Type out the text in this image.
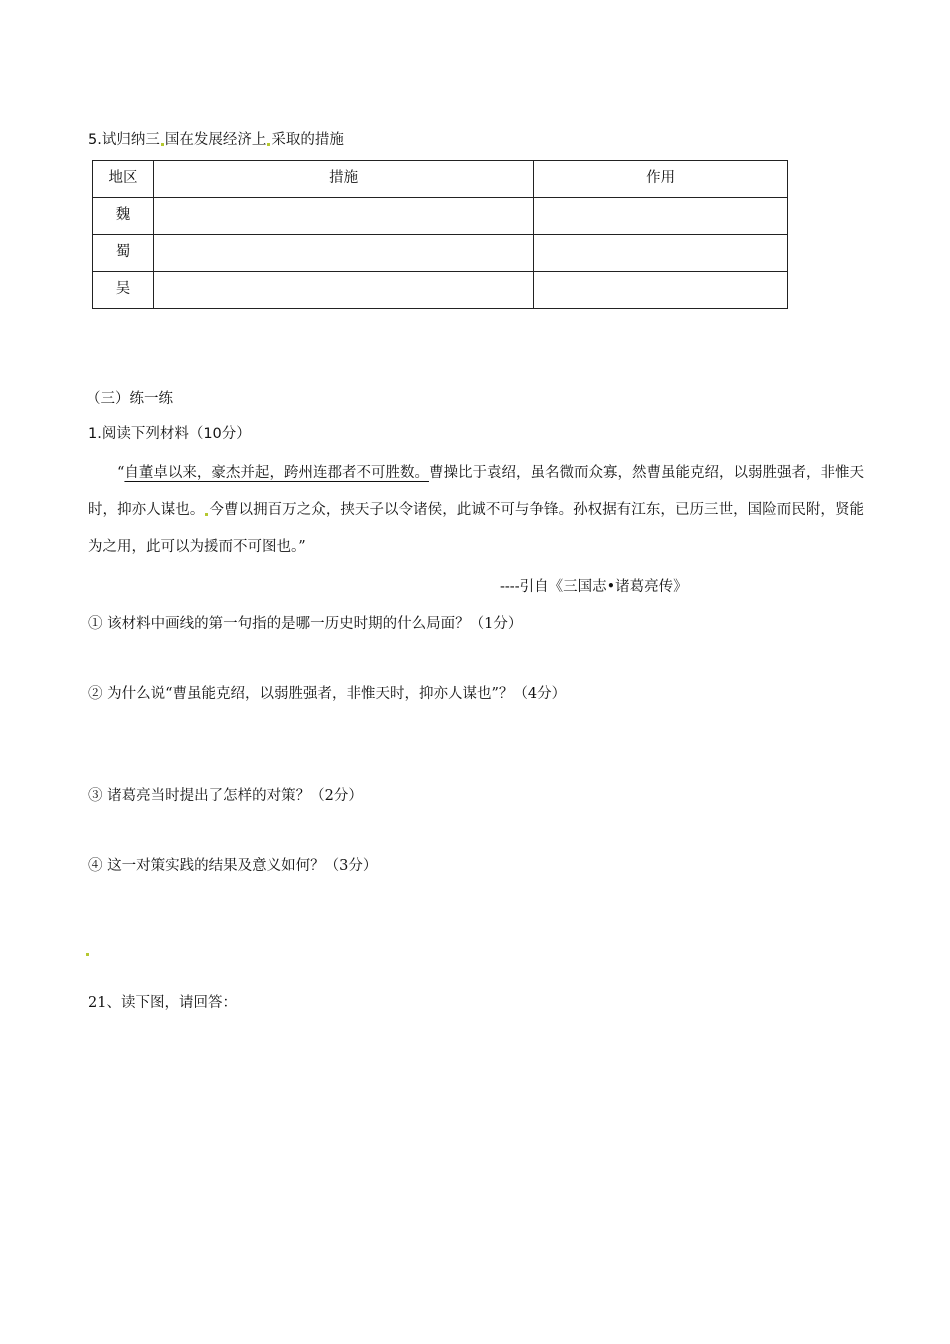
5.试归纳三 国在发展经济上 采取的措施
地区	措施	作用
魏		
蜀		
吴		
（三）练一练
1.阅读下列材料（10分）
“自董卓以来，豪杰并起，跨州连郡者不可胜数。曹操比于袁绍，虽名微而众寡，然曹虽能克绍，以弱胜强者，非惟天时，抑亦人谋也。 今曹以拥百万之众，挟天子以令诸侯，此诚不可与争锋。孙权据有江东，已历三世，国险而民附，贤能为之用，此可以为援而不可图也。”
----引自《三国志•诸葛亮传》
① 该材料中画线的第一句指的是哪一历史时期的什么局面？（1分）
② 为什么说“曹虽能克绍，以弱胜强者，非惟天时，抑亦人谋也”？（4分）
③ 诸葛亮当时提出了怎样的对策？（2分）
④ 这一对策实践的结果及意义如何？（3分）
21、读下图，请回答：
